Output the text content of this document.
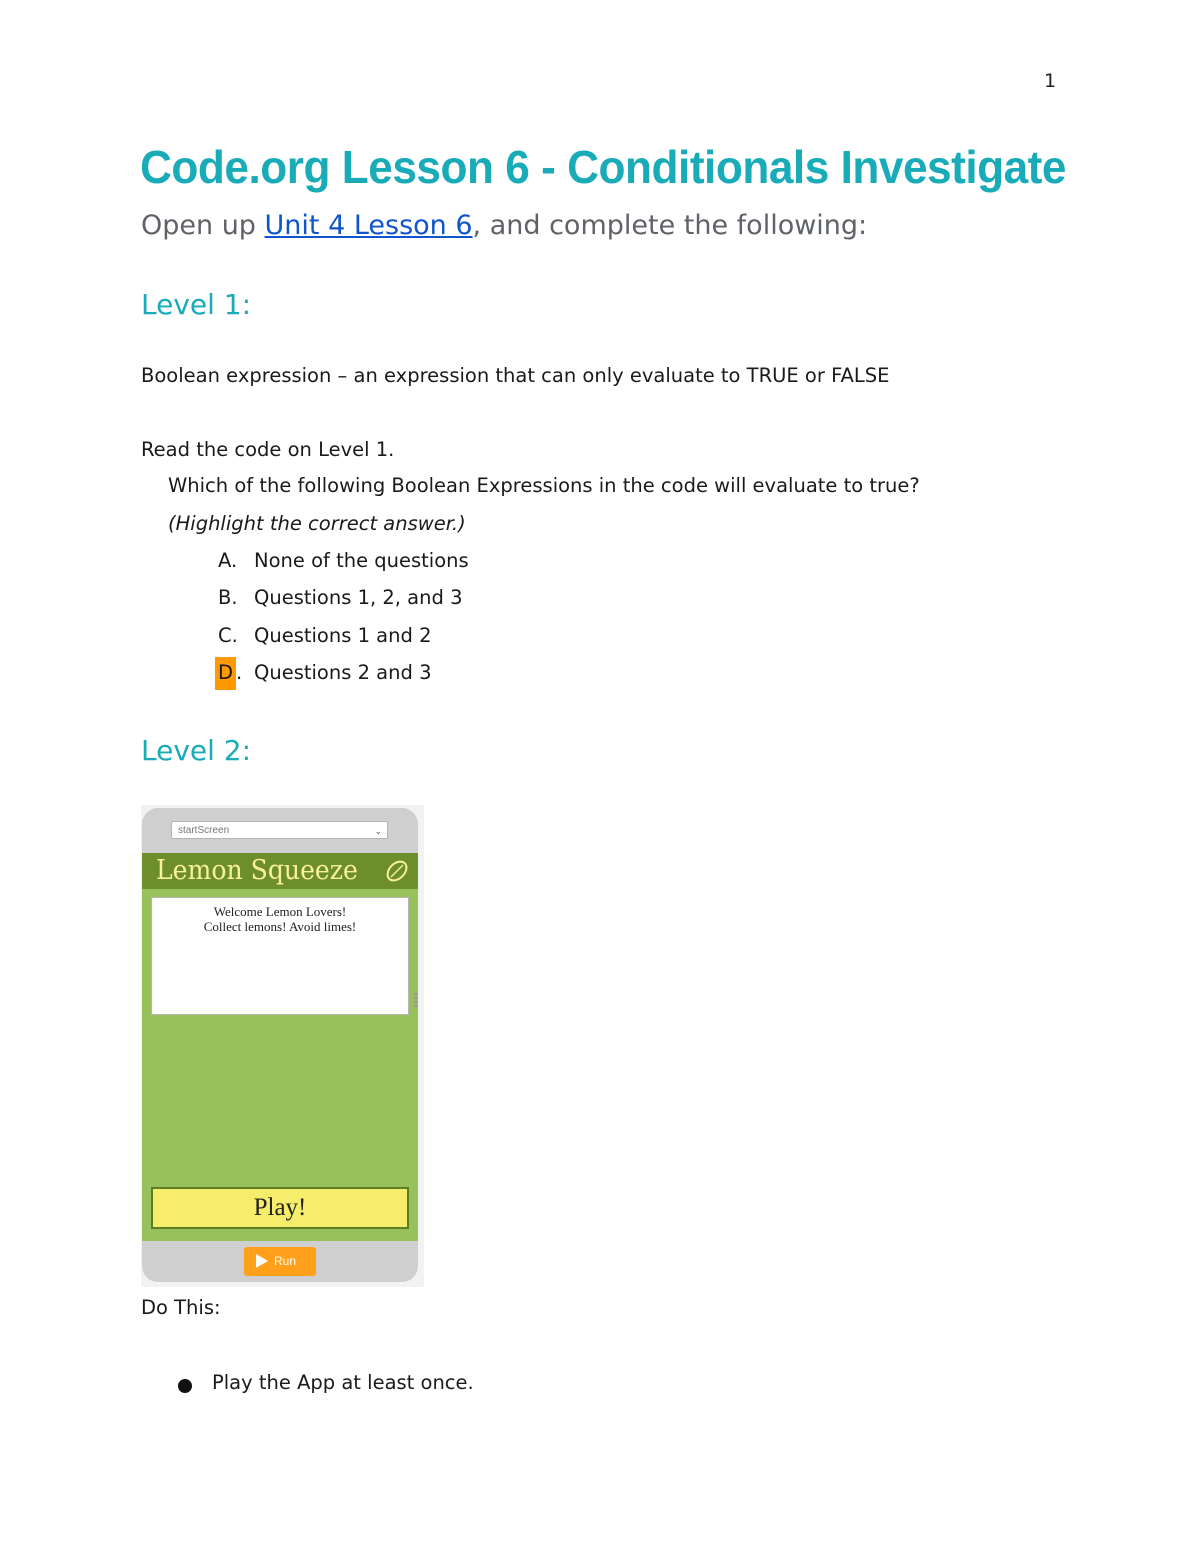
1
Code.org Lesson 6 - Conditionals Investigate
Open up Unit 4 Lesson 6, and complete the following:
Level 1:
Boolean expression – an expression that can only evaluate to TRUE or FALSE
Read the code on Level 1.
Which of the following Boolean Expressions in the code will evaluate to true?
(Highlight the correct answer.)
A. None of the questions
B. Questions 1, 2, and 3
C. Questions 1 and 2
D . Questions 2 and 3
Level 2:
startScreen	⌄
Lemon Squeeze
Welcome Lemon Lovers!
Collect lemons! Avoid limes!
Play!
Run
Do This:
Play the App at least once.
